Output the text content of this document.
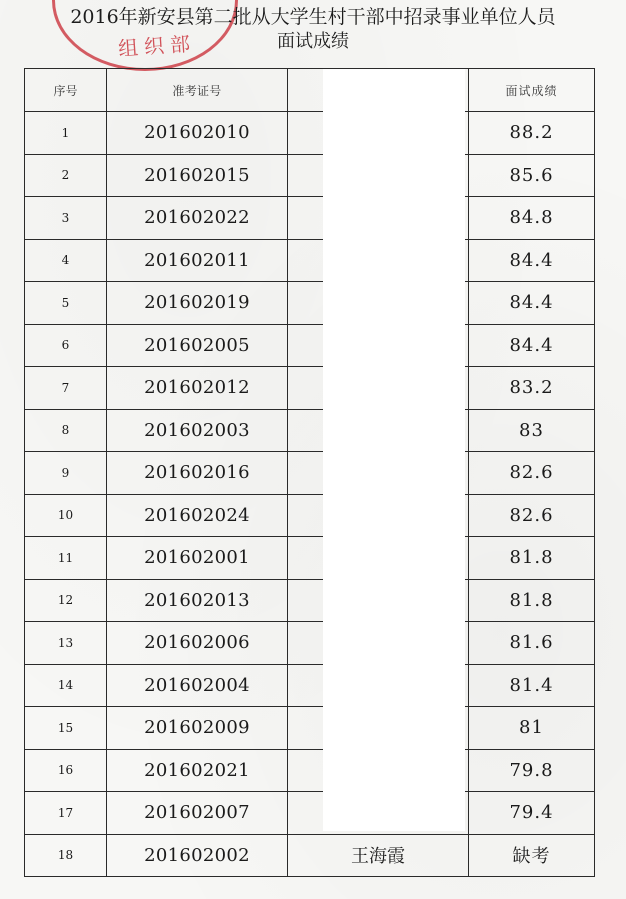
组织部
2016年新安县第二批从大学生村干部中招录事业单位人员
面试成绩
序号	准考证号		面试成绩
1	201602010		88.2
2	201602015		85.6
3	201602022		84.8
4	201602011		84.4
5	201602019		84.4
6	201602005		84.4
7	201602012		83.2
8	201602003		83
9	201602016		82.6
10	201602024		82.6
11	201602001		81.8
12	201602013		81.8
13	201602006		81.6
14	201602004		81.4
15	201602009		81
16	201602021		79.8
17	201602007		79.4
18	201602002	王海霞	缺考
